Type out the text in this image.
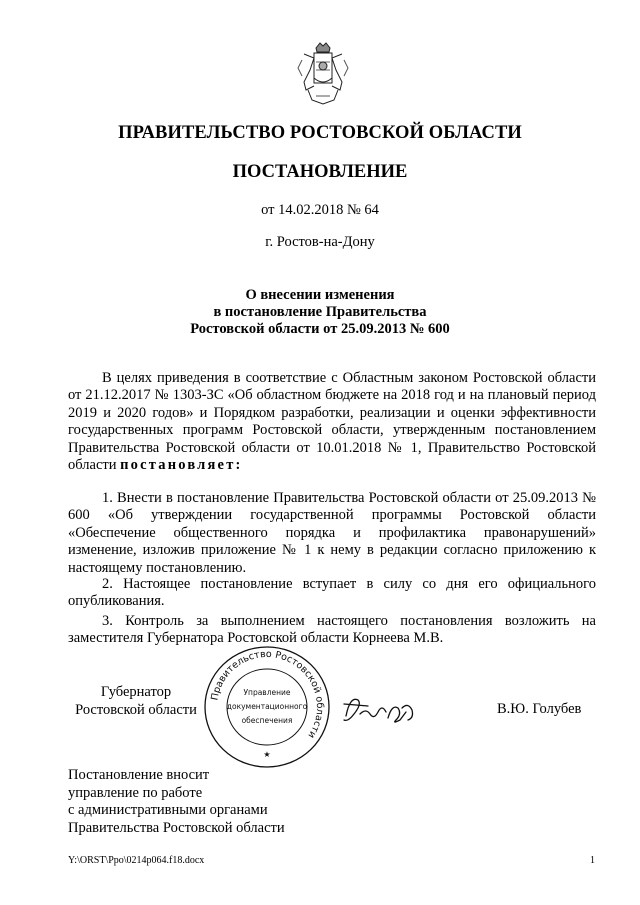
ПРАВИТЕЛЬСТВО РОСТОВСКОЙ ОБЛАСТИ
ПОСТАНОВЛЕНИЕ
от 14.02.2018 № 64
г. Ростов-на-Дону
О внесении изменения
в постановление Правительства
Ростовской области от 25.09.2013 № 600
В целях приведения в соответствие с Областным законом Ростовской области от 21.12.2017 № 1303-ЗС «Об областном бюджете на 2018 год и на плановый период 2019 и 2020 годов» и Порядком разработки, реализации и оценки эффективности государственных программ Ростовской области, утвержденным постановлением Правительства Ростовской области от 10.01.2018 № 1, Правительство Ростовской области постановляет:
1. Внести в постановление Правительства Ростовской области от 25.09.2013 № 600 «Об утверждении государственной программы Ростовской области «Обеспечение общественного порядка и профилактика правонарушений» изменение, изложив приложение № 1 к нему в редакции согласно приложению к настоящему постановлению.
2. Настоящее постановление вступает в силу со дня его официального опубликования.
3. Контроль за выполнением настоящего постановления возложить на заместителя Губернатора Ростовской области Корнеева М.В.
Губернатор
Ростовской области
Правительство Ростовской области
Управление
документационного
обеспечения
★
В.Ю. Голубев
Постановление вносит
управление по работе
с административными органами
Правительства Ростовской области
Y:\ORST\Ppo\0214p064.f18.docx	1
